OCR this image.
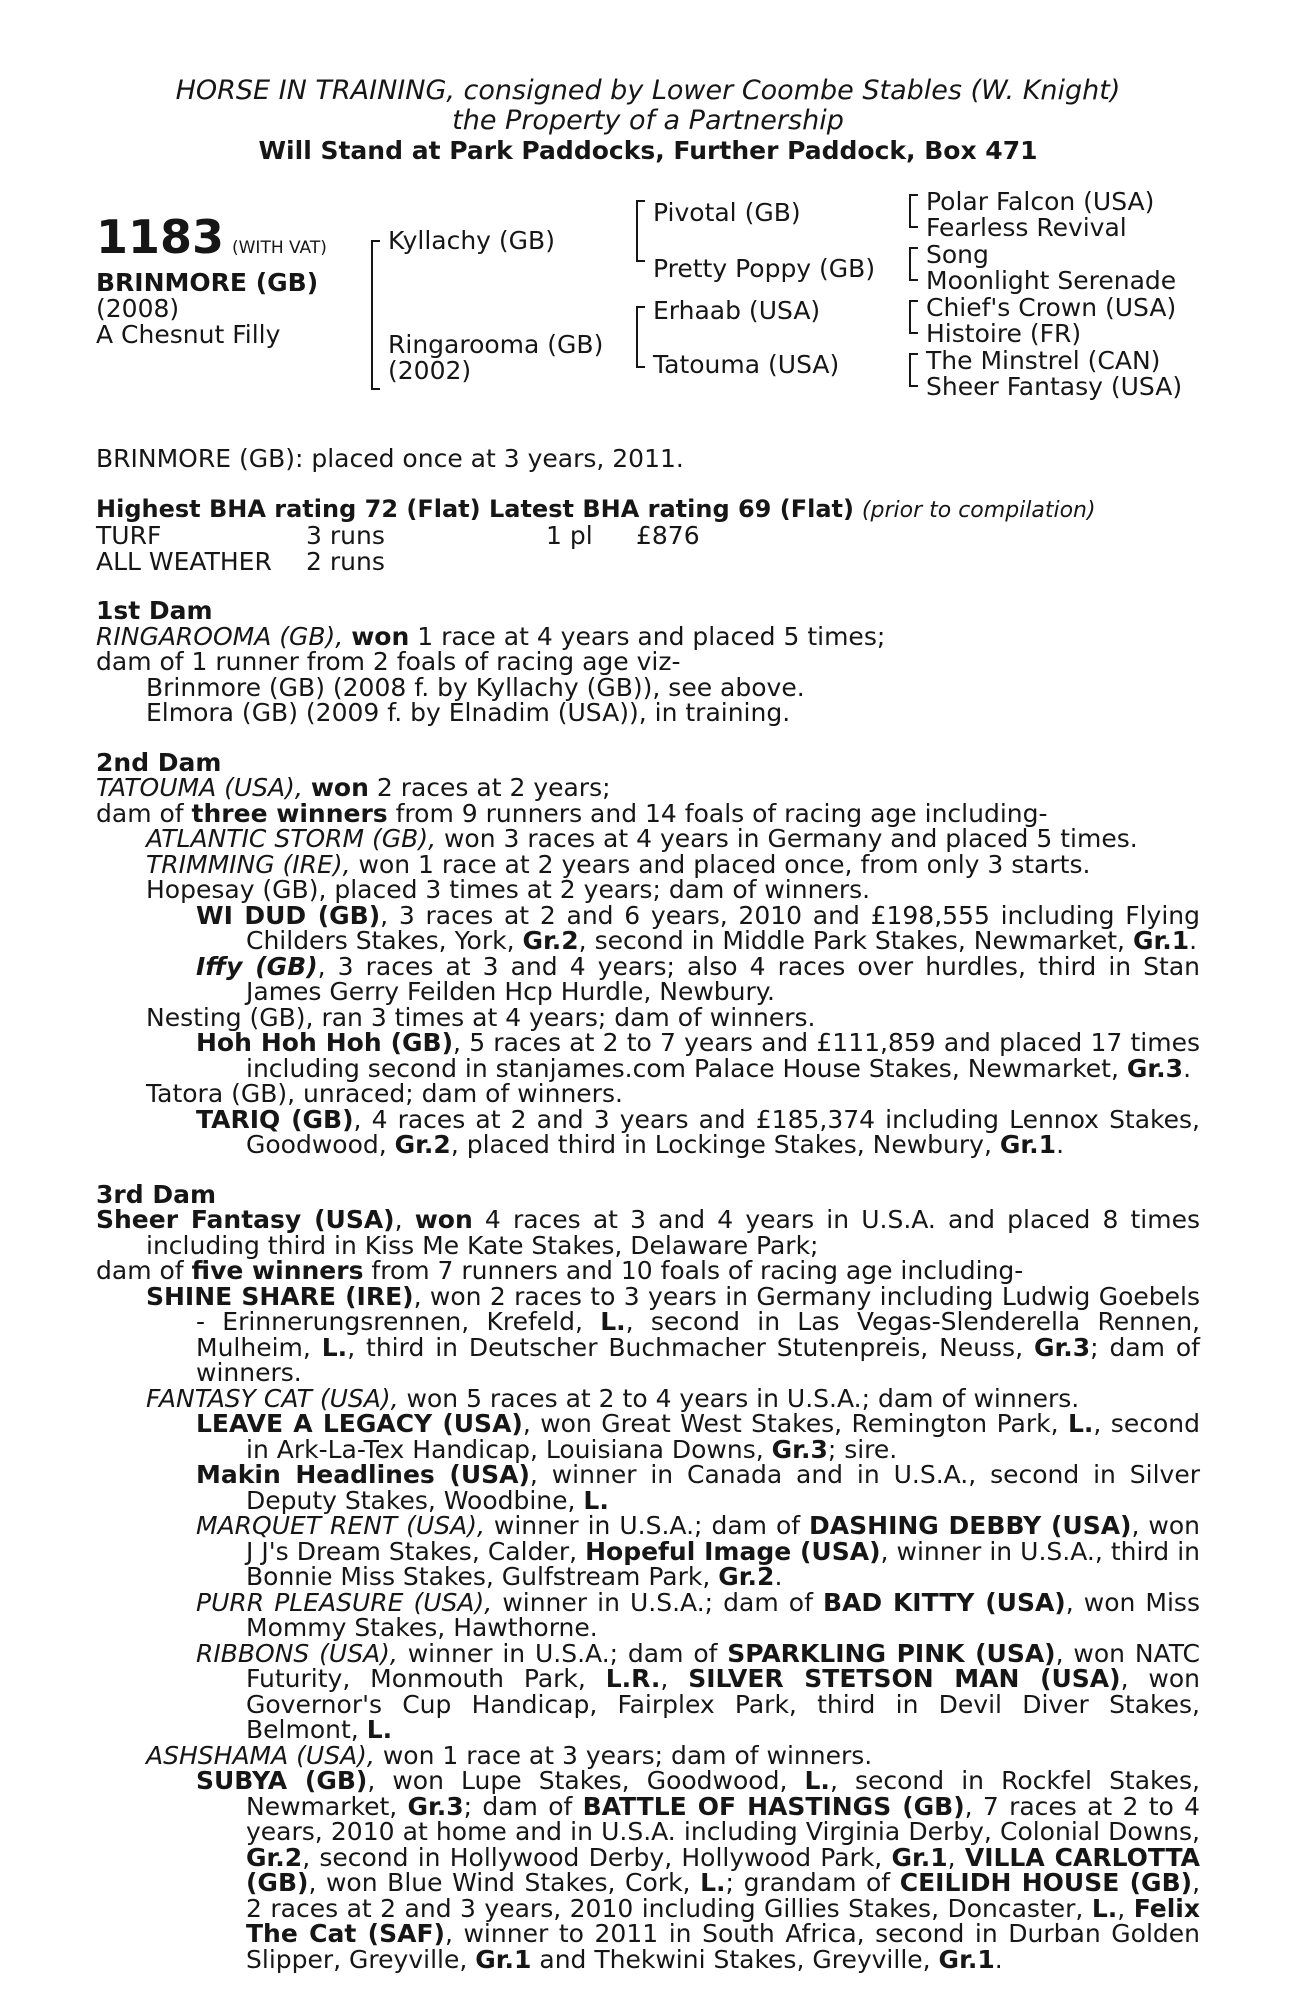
HORSE IN TRAINING, consigned by Lower Coombe Stables (W. Knight)
the Property of a Partnership
Will Stand at Park Paddocks, Further Paddock, Box 471
1183 (WITH VAT)
BRINMORE (GB)
(2008)
A Chesnut Filly
Kyllachy (GB)
Ringarooma (GB)
(2002)
Pivotal (GB)
Pretty Poppy (GB)
Erhaab (USA)
Tatouma (USA)
Polar Falcon (USA)
Fearless Revival
Song
Moonlight Serenade
Chief's Crown (USA)
Histoire (FR)
The Minstrel (CAN)
Sheer Fantasy (USA)
BRINMORE (GB): placed once at 3 years, 2011.
Highest BHA rating 72 (Flat) Latest BHA rating 69 (Flat) (prior to compilation)
TURF	3 runs	1 pl	£876
ALL WEATHER	2 runs
1st Dam
RINGAROOMA (GB), won 1 race at 4 years and placed 5 times;
dam of 1 runner from 2 foals of racing age viz-
Brinmore (GB) (2008 f. by Kyllachy (GB)), see above.
Elmora (GB) (2009 f. by Elnadim (USA)), in training.
2nd Dam
TATOUMA (USA), won 2 races at 2 years;
dam of three winners from 9 runners and 14 foals of racing age including-
ATLANTIC STORM (GB), won 3 races at 4 years in Germany and placed 5 times.
TRIMMING (IRE), won 1 race at 2 years and placed once, from only 3 starts.
Hopesay (GB), placed 3 times at 2 years; dam of winners.
WI DUD (GB), 3 races at 2 and 6 years, 2010 and £198,555 including Flying Childers Stakes, York, Gr.2, second in Middle Park Stakes, Newmarket, Gr.1.
Iffy (GB), 3 races at 3 and 4 years; also 4 races over hurdles, third in Stan James Gerry Feilden Hcp Hurdle, Newbury.
Nesting (GB), ran 3 times at 4 years; dam of winners.
Hoh Hoh Hoh (GB), 5 races at 2 to 7 years and £111,859 and placed 17 times including second in stanjames.com Palace House Stakes, Newmarket, Gr.3.
Tatora (GB), unraced; dam of winners.
TARIQ (GB), 4 races at 2 and 3 years and £185,374 including Lennox Stakes, Goodwood, Gr.2, placed third in Lockinge Stakes, Newbury, Gr.1.
3rd Dam
Sheer Fantasy (USA), won 4 races at 3 and 4 years in U.S.A. and placed 8 times including third in Kiss Me Kate Stakes, Delaware Park;
dam of five winners from 7 runners and 10 foals of racing age including-
SHINE SHARE (IRE), won 2 races to 3 years in Germany including Ludwig Goebels - Erinnerungsrennen, Krefeld, L., second in Las Vegas-Slenderella Rennen, Mulheim, L., third in Deutscher Buchmacher Stutenpreis, Neuss, Gr.3; dam of winners.
FANTASY CAT (USA), won 5 races at 2 to 4 years in U.S.A.; dam of winners.
LEAVE A LEGACY (USA), won Great West Stakes, Remington Park, L., second in Ark-La-Tex Handicap, Louisiana Downs, Gr.3; sire.
Makin Headlines (USA), winner in Canada and in U.S.A., second in Silver Deputy Stakes, Woodbine, L.
MARQUET RENT (USA), winner in U.S.A.; dam of DASHING DEBBY (USA), won J J's Dream Stakes, Calder, Hopeful Image (USA), winner in U.S.A., third in Bonnie Miss Stakes, Gulfstream Park, Gr.2.
PURR PLEASURE (USA), winner in U.S.A.; dam of BAD KITTY (USA), won Miss Mommy Stakes, Hawthorne.
RIBBONS (USA), winner in U.S.A.; dam of SPARKLING PINK (USA), won NATC Futurity, Monmouth Park, L.R., SILVER STETSON MAN (USA), won Governor's Cup Handicap, Fairplex Park, third in Devil Diver Stakes, Belmont, L.
ASHSHAMA (USA), won 1 race at 3 years; dam of winners.
SUBYA (GB), won Lupe Stakes, Goodwood, L., second in Rockfel Stakes, Newmarket, Gr.3; dam of BATTLE OF HASTINGS (GB), 7 races at 2 to 4 years, 2010 at home and in U.S.A. including Virginia Derby, Colonial Downs, Gr.2, second in Hollywood Derby, Hollywood Park, Gr.1, VILLA CARLOTTA (GB), won Blue Wind Stakes, Cork, L.; grandam of CEILIDH HOUSE (GB), 2 races at 2 and 3 years, 2010 including Gillies Stakes, Doncaster, L., Felix The Cat (SAF), winner to 2011 in South Africa, second in Durban Golden Slipper, Greyville, Gr.1 and Thekwini Stakes, Greyville, Gr.1.
